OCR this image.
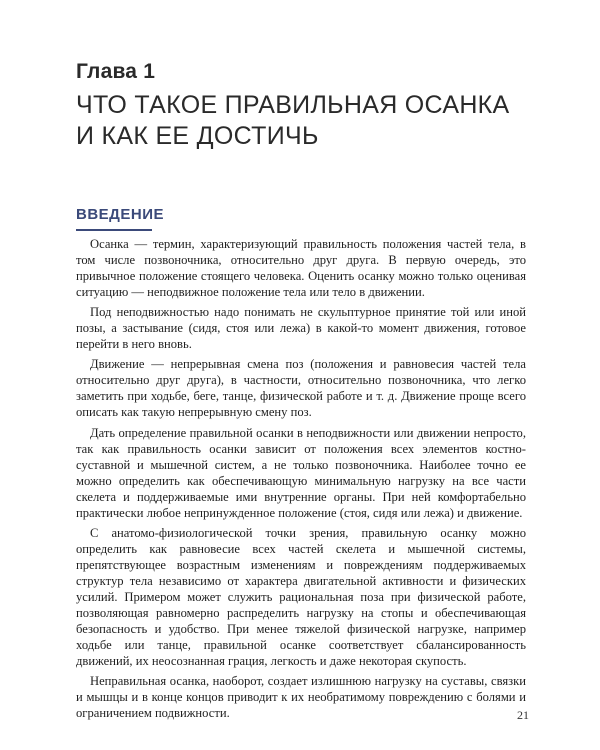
Глава 1
ЧТО ТАКОЕ ПРАВИЛЬНАЯ ОСАНКА
И КАК ЕЕ ДОСТИЧЬ
ВВЕДЕНИЕ

Осанка — термин, характеризующий правильность положения частей тела, в том числе позвоночника, относительно друг друга. В первую очередь, это привычное положение стоящего человека. Оценить осанку можно только оценивая ситуацию — неподвижное положение тела или тело в движении.

Под неподвижностью надо понимать не скульптурное принятие той или иной позы, а застывание (сидя, стоя или лежа) в какой-то момент движения, готовое перейти в него вновь.

Движение — непрерывная смена поз (положения и равновесия частей тела относительно друг друга), в частности, относительно позвоночника, что легко заметить при ходьбе, беге, танце, физической работе и т. д. Движение проще всего описать как такую непрерывную смену поз.

Дать определение правильной осанки в неподвижности или движении непросто, так как правильность осанки зависит от положения всех элементов костно-суставной и мышечной систем, а не только позвоночника. Наиболее точно ее можно определить как обеспечивающую минимальную нагрузку на все части скелета и поддерживаемые ими внутренние органы. При ней комфортабельно практически любое непринужденное положение (стоя, сидя или лежа) и движение.

С анатомо-физиологической точки зрения, правильную осанку можно определить как равновесие всех частей скелета и мышечной системы, препятствующее возрастным изменениям и повреждениям поддерживаемых структур тела независимо от характера двигательной активности и физических усилий. Примером может служить рациональная поза при физической работе, позволяющая равномерно распределить нагрузку на стопы и обеспечивающая безопасность и удобство. При менее тяжелой физической нагрузке, например ходьбе или танце, правильной осанке соответствует сбалансированность движений, их неосознанная грация, легкость и даже некоторая скупость.

Неправильная осанка, наоборот, создает излишнюю нагрузку на суставы, связки и мышцы и в конце концов приводит к их необратимому повреждению с болями и ограничением подвижности.	21
